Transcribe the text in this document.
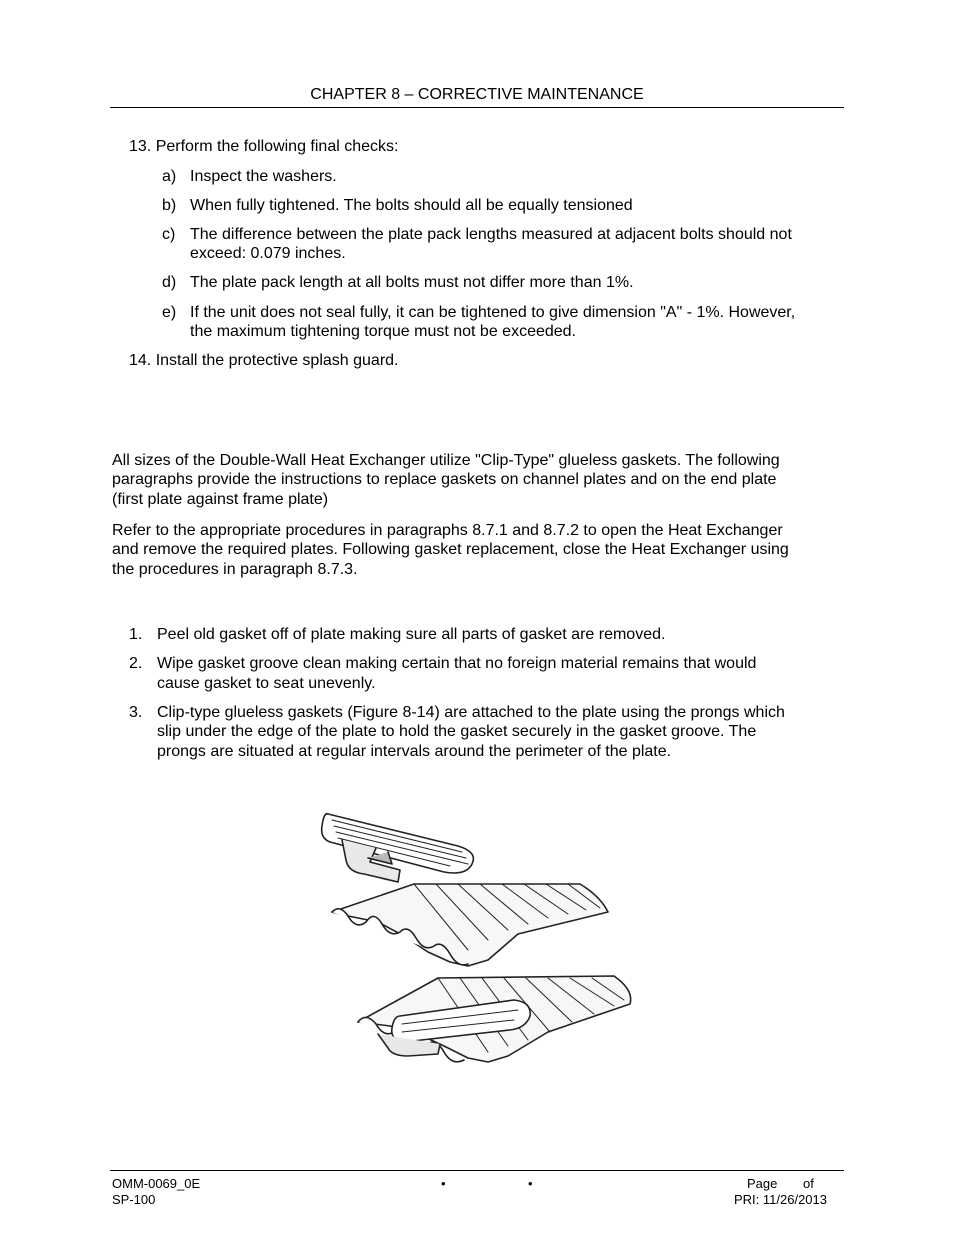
CHAPTER 8 – CORRECTIVE MAINTENANCE
13. Perform the following final checks:
a) Inspect the washers.
b) When fully tightened. The bolts should all be equally tensioned
c) The difference between the plate pack lengths measured at adjacent bolts should not
exceed: 0.079 inches.
d) The plate pack length at all bolts must not differ more than 1%.
e) If the unit does not seal fully, it can be tightened to give dimension "A" - 1%. However,
the maximum tightening torque must not be exceeded.
14. Install the protective splash guard.
All sizes of the Double-Wall Heat Exchanger utilize "Clip-Type" glueless gaskets. The following
paragraphs provide the instructions to replace gaskets on channel plates and on the end plate
(first plate against frame plate)
Refer to the appropriate procedures in paragraphs 8.7.1 and 8.7.2 to open the Heat Exchanger
and remove the required plates. Following gasket replacement, close the Heat Exchanger using
the procedures in paragraph 8.7.3.
1. Peel old gasket off of plate making sure all parts of gasket are removed.
2. Wipe gasket groove clean making certain that no foreign material remains that would
cause gasket to seat unevenly.
3. Clip-type glueless gaskets (Figure 8-14) are attached to the plate using the prongs which
slip under the edge of the plate to hold the gasket securely in the gasket groove. The
prongs are situated at regular intervals around the perimeter of the plate.
OMM-0069_0E
SP-100
•	•	Page of
PRI: 11/26/2013
